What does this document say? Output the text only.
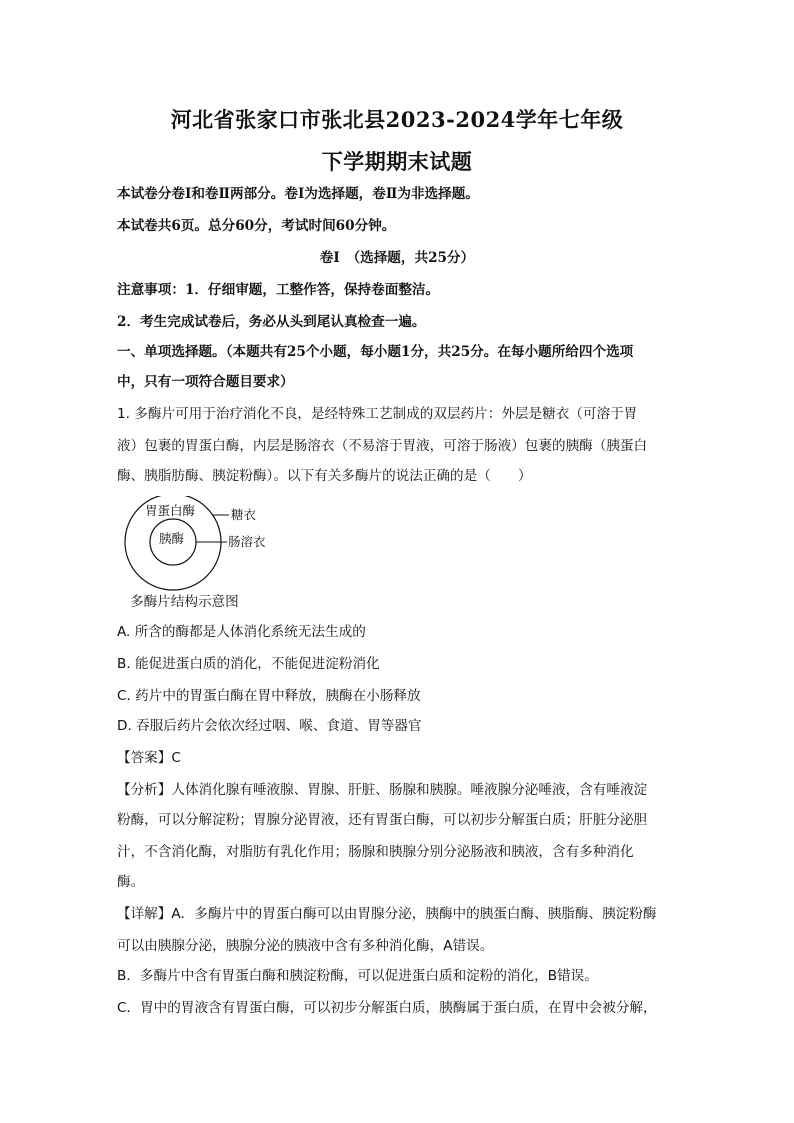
河北省张家口市张北县2023-2024学年七年级
下学期期末试题
本试卷分卷Ⅰ和卷Ⅱ两部分。卷Ⅰ为选择题，卷Ⅱ为非选择题。
本试卷共6页。总分60分，考试时间60分钟。
卷Ⅰ　（选择题，共25分）
注意事项：1．仔细审题，工整作答，保持卷面整洁。
2．考生完成试卷后，务必从头到尾认真检查一遍。
一、单项选择题。（本题共有25个小题，每小题1分，共25分。在每小题所给四个选项
中，只有一项符合题目要求）
1. 多酶片可用于治疗消化不良，是经特殊工艺制成的双层药片：外层是糖衣（可溶于胃
液）包裹的胃蛋白酶，内层是肠溶衣（不易溶于胃液，可溶于肠液）包裹的胰酶（胰蛋白
酶、胰脂肪酶、胰淀粉酶）。以下有关多酶片的说法正确的是（　　）
胃蛋白酶
胰酶
糖衣
肠溶衣
多酶片结构示意图
A. 所含的酶都是人体消化系统无法生成的
B. 能促进蛋白质的消化，不能促进淀粉消化
C. 药片中的胃蛋白酶在胃中释放，胰酶在小肠释放
D. 吞服后药片会依次经过咽、喉、食道、胃等器官
【答案】C
【分析】人体消化腺有唾液腺、胃腺、肝脏、肠腺和胰腺。唾液腺分泌唾液，含有唾液淀
粉酶，可以分解淀粉；胃腺分泌胃液，还有胃蛋白酶，可以初步分解蛋白质；肝脏分泌胆
汁，不含消化酶，对脂肪有乳化作用；肠腺和胰腺分别分泌肠液和胰液，含有多种消化
酶。
【详解】A．多酶片中的胃蛋白酶可以由胃腺分泌，胰酶中的胰蛋白酶、胰脂酶、胰淀粉酶
可以由胰腺分泌，胰腺分泌的胰液中含有多种消化酶，A错误。
B．多酶片中含有胃蛋白酶和胰淀粉酶，可以促进蛋白质和淀粉的消化，B错误。
C．胃中的胃液含有胃蛋白酶，可以初步分解蛋白质，胰酶属于蛋白质，在胃中会被分解，
